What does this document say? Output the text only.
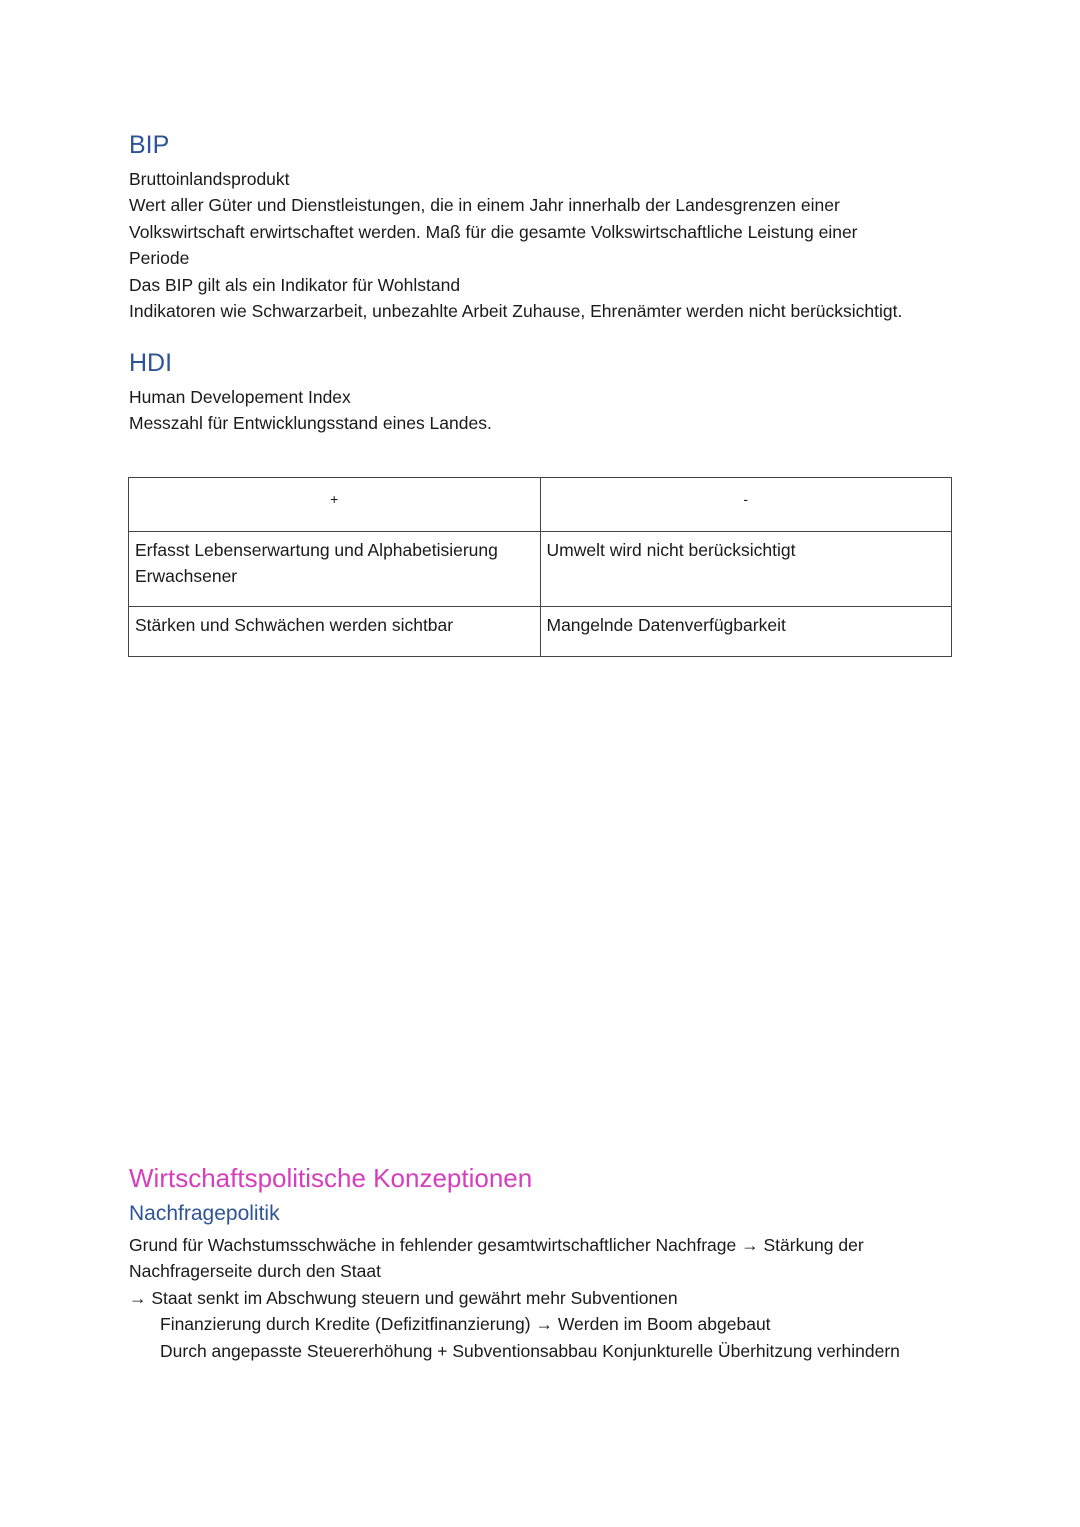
BIP

Bruttoinlandsprodukt

Wert aller Güter und Dienstleistungen, die in einem Jahr innerhalb der Landesgrenzen einer

Volkswirtschaft erwirtschaftet werden. Maß für die gesamte Volkswirtschaftliche Leistung einer

Periode

Das BIP gilt als ein Indikator für Wohlstand

Indikatoren wie Schwarzarbeit, unbezahlte Arbeit Zuhause, Ehrenämter werden nicht berücksichtigt.

HDI

Human Developement Index

Messzahl für Entwicklungsstand eines Landes.

+	-
Erfasst Lebenserwartung und Alphabetisierung Erwachsener	Umwelt wird nicht berücksichtigt
Stärken und Schwächen werden sichtbar	Mangelnde Datenverfügbarkeit
Wirtschaftspolitische Konzeptionen
Nachfragepolitik

Grund für Wachstumsschwäche in fehlender gesamtwirtschaftlicher Nachfrage → Stärkung der

Nachfragerseite durch den Staat

→ Staat senkt im Abschwung steuern und gewährt mehr Subventionen

Finanzierung durch Kredite (Defizitfinanzierung) → Werden im Boom abgebaut

Durch angepasste Steuererhöhung + Subventionsabbau Konjunkturelle Überhitzung verhindern
